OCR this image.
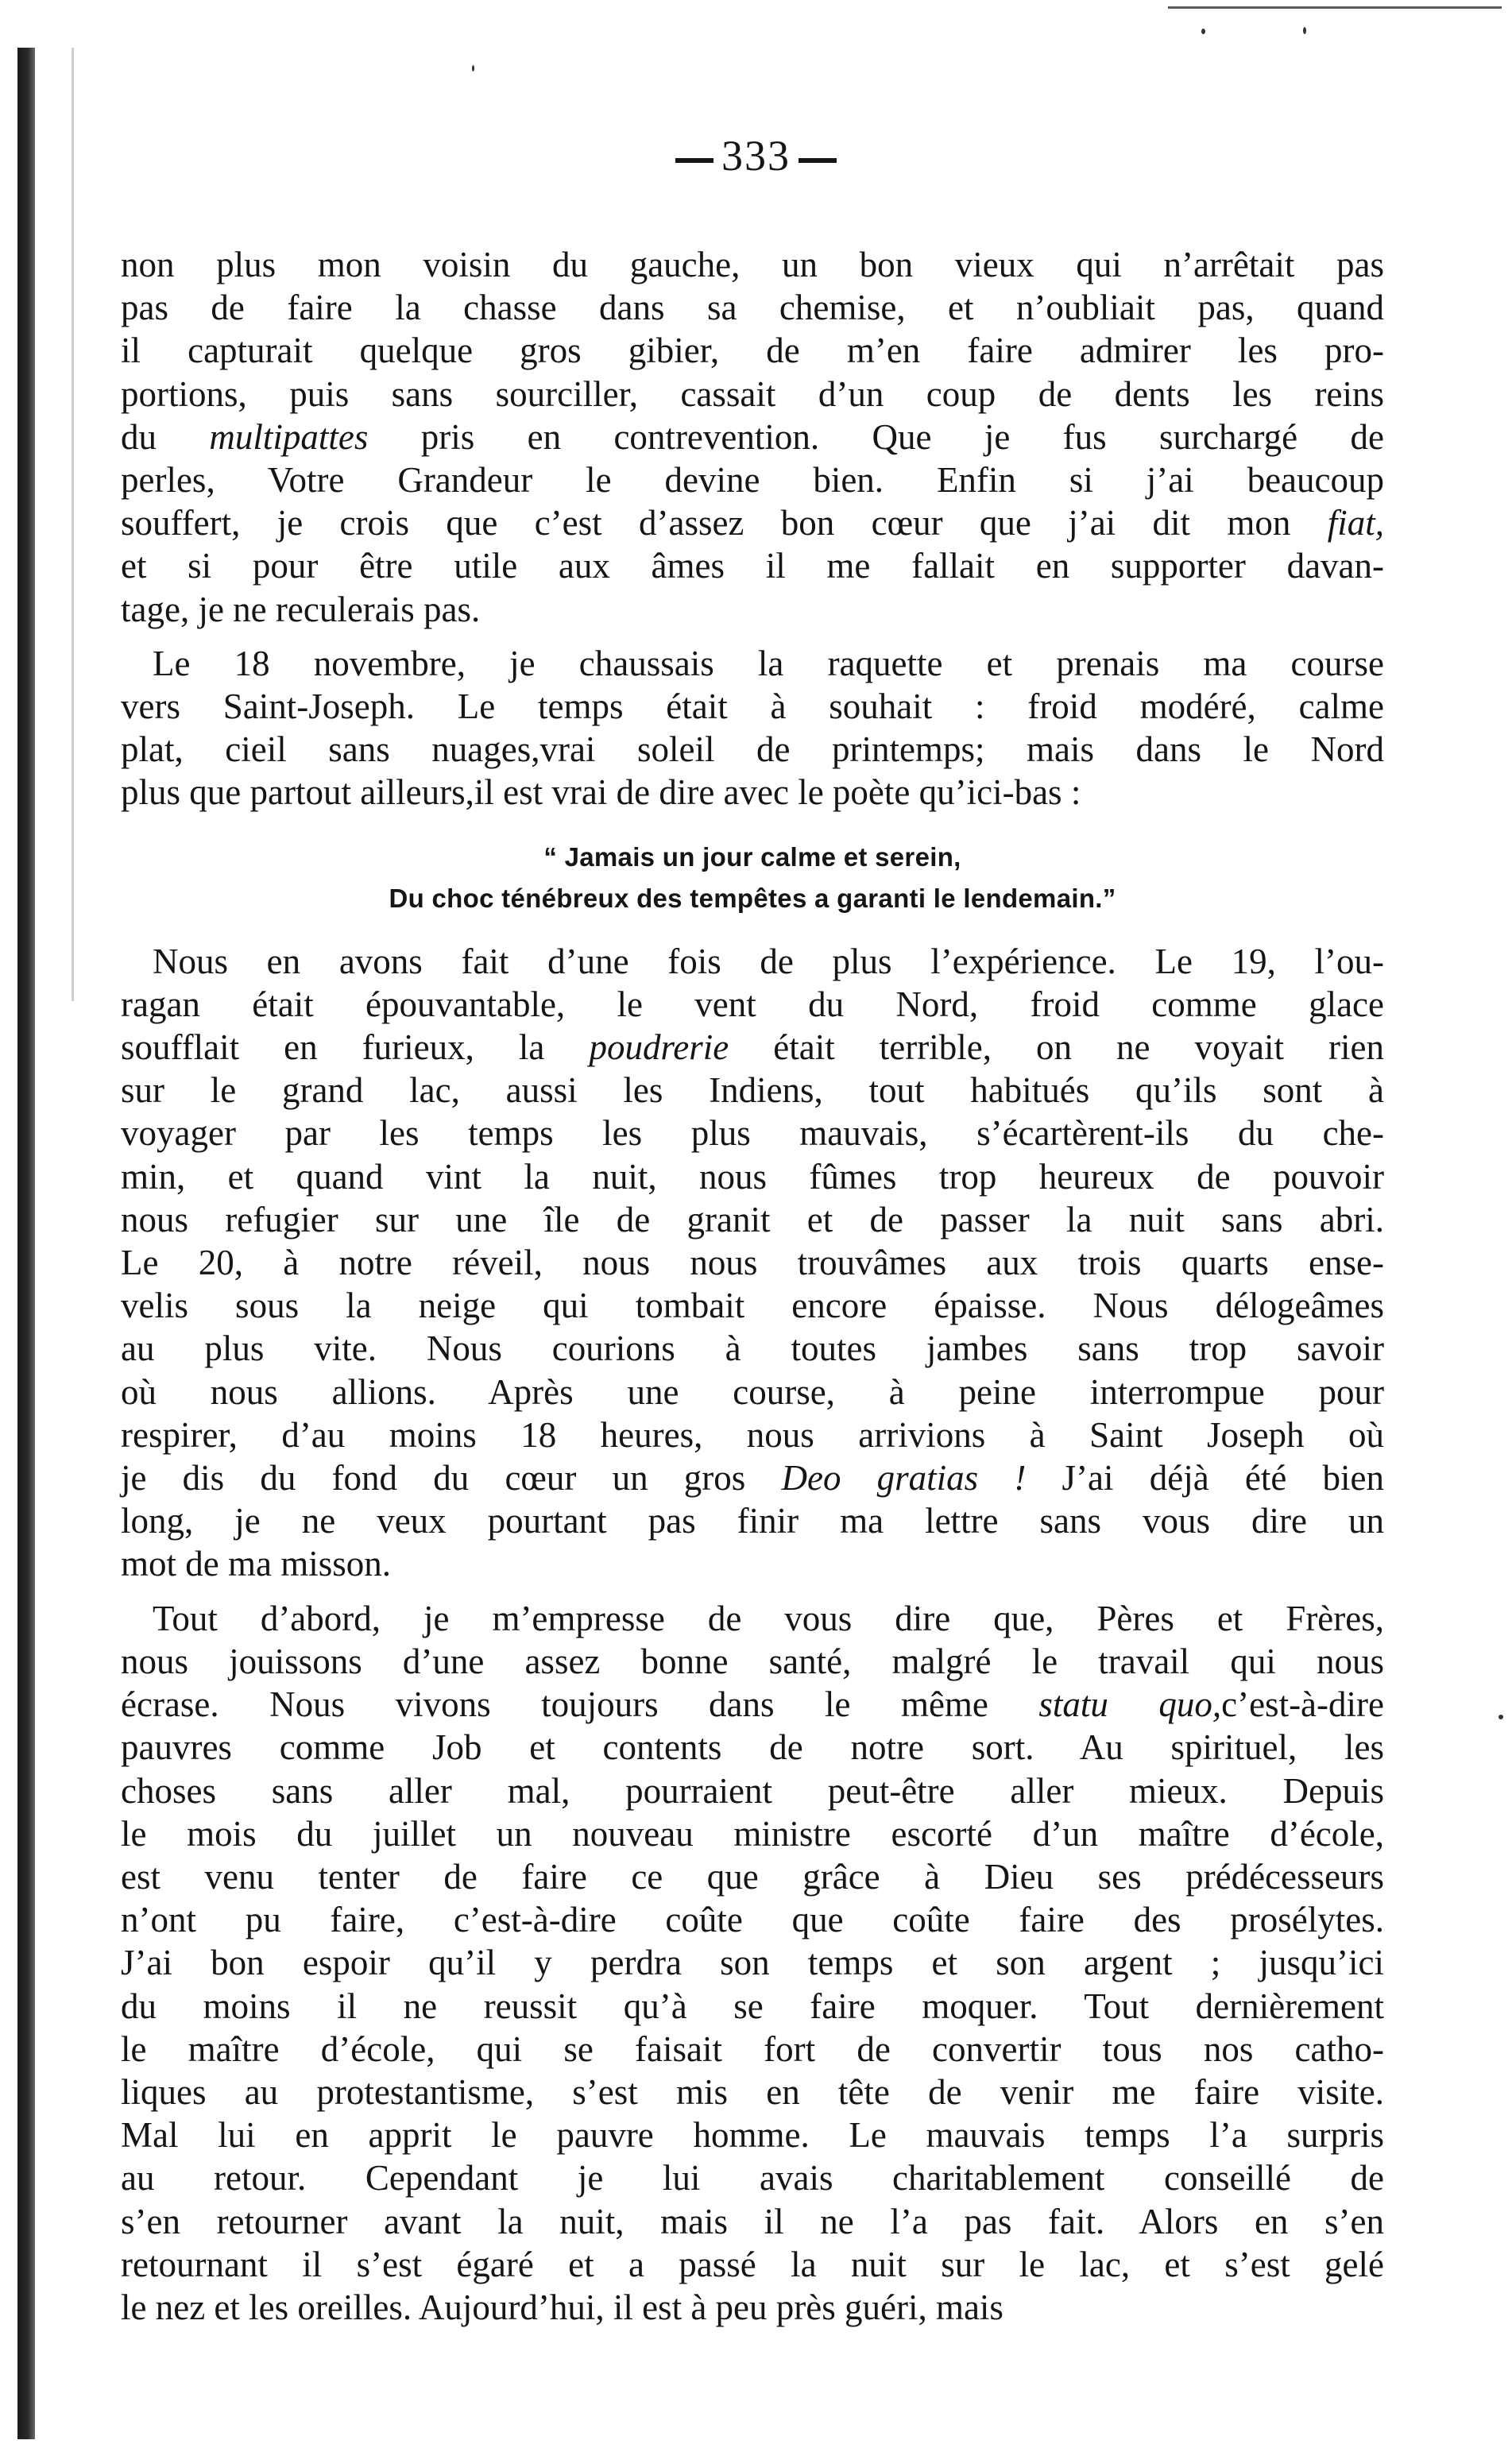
333

non plus mon voisin du gauche, un bon vieux qui n’arrêtait pas

pas de faire la chasse dans sa chemise, et n’oubliait pas, quand

il capturait quelque gros gibier, de m’en faire admirer les pro-

portions, puis sans sourciller, cassait d’un coup de dents les reins

du multipattes pris en contrevention. Que je fus surchargé de

perles, Votre Grandeur le devine bien. Enfin si j’ai beaucoup

souffert, je crois que c’est d’assez bon cœur que j’ai dit mon fiat,

et si pour être utile aux âmes il me fallait en supporter davan-

tage, je ne reculerais pas.

Le 18 novembre, je chaussais la raquette et prenais ma course

vers Saint-Joseph. Le temps était à souhait : froid modéré, calme

plat, cieil sans nuages,vrai soleil de printemps; mais dans le Nord

plus que partout ailleurs,il est vrai de dire avec le poète qu’ici-bas :

“ Jamais un jour calme et serein,
Du choc ténébreux des tempêtes a garanti le lendemain.”

Nous en avons fait d’une fois de plus l’expérience. Le 19, l’ou-

ragan était épouvantable, le vent du Nord, froid comme glace

soufflait en furieux, la poudrerie était terrible, on ne voyait rien

sur le grand lac, aussi les Indiens, tout habitués qu’ils sont à

voyager par les temps les plus mauvais, s’écartèrent-ils du che-

min, et quand vint la nuit, nous fûmes trop heureux de pouvoir

nous refugier sur une île de granit et de passer la nuit sans abri.

Le 20, à notre réveil, nous nous trouvâmes aux trois quarts ense-

velis sous la neige qui tombait encore épaisse. Nous délogeâmes

au plus vite. Nous courions à toutes jambes sans trop savoir

où nous allions. Après une course, à peine interrompue pour

respirer, d’au moins 18 heures, nous arrivions à Saint Joseph où

je dis du fond du cœur un gros Deo gratias ! J’ai déjà été bien

long, je ne veux pourtant pas finir ma lettre sans vous dire un

mot de ma misson.

Tout d’abord, je m’empresse de vous dire que, Pères et Frères,

nous jouissons d’une assez bonne santé, malgré le travail qui nous

écrase. Nous vivons toujours dans le même statu quo,c’est-à-dire

pauvres comme Job et contents de notre sort. Au spirituel, les

choses sans aller mal, pourraient peut-être aller mieux. Depuis

le mois du juillet un nouveau ministre escorté d’un maître d’école,

est venu tenter de faire ce que grâce à Dieu ses prédécesseurs

n’ont pu faire, c’est-à-dire coûte que coûte faire des prosélytes.

J’ai bon espoir qu’il y perdra son temps et son argent ; jusqu’ici

du moins il ne reussit qu’à se faire moquer. Tout dernièrement

le maître d’école, qui se faisait fort de convertir tous nos catho-

liques au protestantisme, s’est mis en tête de venir me faire visite.

Mal lui en apprit le pauvre homme. Le mauvais temps l’a surpris

au retour. Cependant je lui avais charitablement conseillé de

s’en retourner avant la nuit, mais il ne l’a pas fait. Alors en s’en

retournant il s’est égaré et a passé la nuit sur le lac, et s’est gelé

le nez et les oreilles. Aujourd’hui, il est à peu près guéri, mais
